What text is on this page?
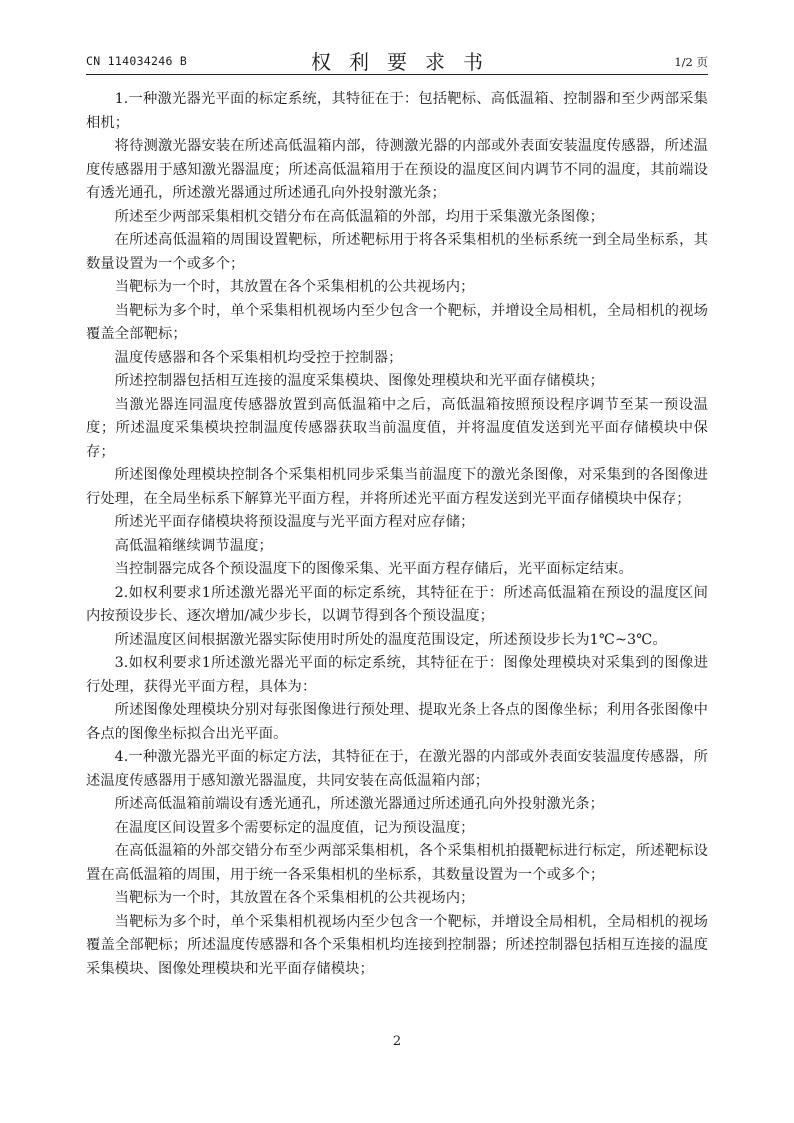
CN 114034246 B	权利要求书	1/2 页

1.一种激光器光平面的标定系统，其特征在于：包括靶标、高低温箱、控制器和至少两部采集相机；

将待测激光器安装在所述高低温箱内部，待测激光器的内部或外表面安装温度传感器，所述温度传感器用于感知激光器温度；所述高低温箱用于在预设的温度区间内调节不同的温度，其前端设有透光通孔，所述激光器通过所述通孔向外投射激光条；

所述至少两部采集相机交错分布在高低温箱的外部，均用于采集激光条图像；

在所述高低温箱的周围设置靶标，所述靶标用于将各采集相机的坐标系统一到全局坐标系，其数量设置为一个或多个；

当靶标为一个时，其放置在各个采集相机的公共视场内；

当靶标为多个时，单个采集相机视场内至少包含一个靶标，并增设全局相机，全局相机的视场覆盖全部靶标；

温度传感器和各个采集相机均受控于控制器；

所述控制器包括相互连接的温度采集模块、图像处理模块和光平面存储模块；

当激光器连同温度传感器放置到高低温箱中之后，高低温箱按照预设程序调节至某一预设温度；所述温度采集模块控制温度传感器获取当前温度值，并将温度值发送到光平面存储模块中保存；

所述图像处理模块控制各个采集相机同步采集当前温度下的激光条图像，对采集到的各图像进行处理，在全局坐标系下解算光平面方程，并将所述光平面方程发送到光平面存储模块中保存；

所述光平面存储模块将预设温度与光平面方程对应存储；

高低温箱继续调节温度；

当控制器完成各个预设温度下的图像采集、光平面方程存储后，光平面标定结束。

2.如权利要求1所述激光器光平面的标定系统，其特征在于：所述高低温箱在预设的温度区间内按预设步长、逐次增加/减少步长，以调节得到各个预设温度；

所述温度区间根据激光器实际使用时所处的温度范围设定，所述预设步长为1℃~3℃。

3.如权利要求1所述激光器光平面的标定系统，其特征在于：图像处理模块对采集到的图像进行处理，获得光平面方程，具体为：

所述图像处理模块分别对每张图像进行预处理、提取光条上各点的图像坐标；利用各张图像中各点的图像坐标拟合出光平面。

4.一种激光器光平面的标定方法，其特征在于，在激光器的内部或外表面安装温度传感器，所述温度传感器用于感知激光器温度，共同安装在高低温箱内部；

所述高低温箱前端设有透光通孔，所述激光器通过所述通孔向外投射激光条；

在温度区间设置多个需要标定的温度值，记为预设温度；

在高低温箱的外部交错分布至少两部采集相机，各个采集相机拍摄靶标进行标定，所述靶标设置在高低温箱的周围，用于统一各采集相机的坐标系，其数量设置为一个或多个；

当靶标为一个时，其放置在各个采集相机的公共视场内；

当靶标为多个时，单个采集相机视场内至少包含一个靶标，并增设全局相机，全局相机的视场覆盖全部靶标；所述温度传感器和各个采集相机均连接到控制器；所述控制器包括相互连接的温度采集模块、图像处理模块和光平面存储模块；

2
